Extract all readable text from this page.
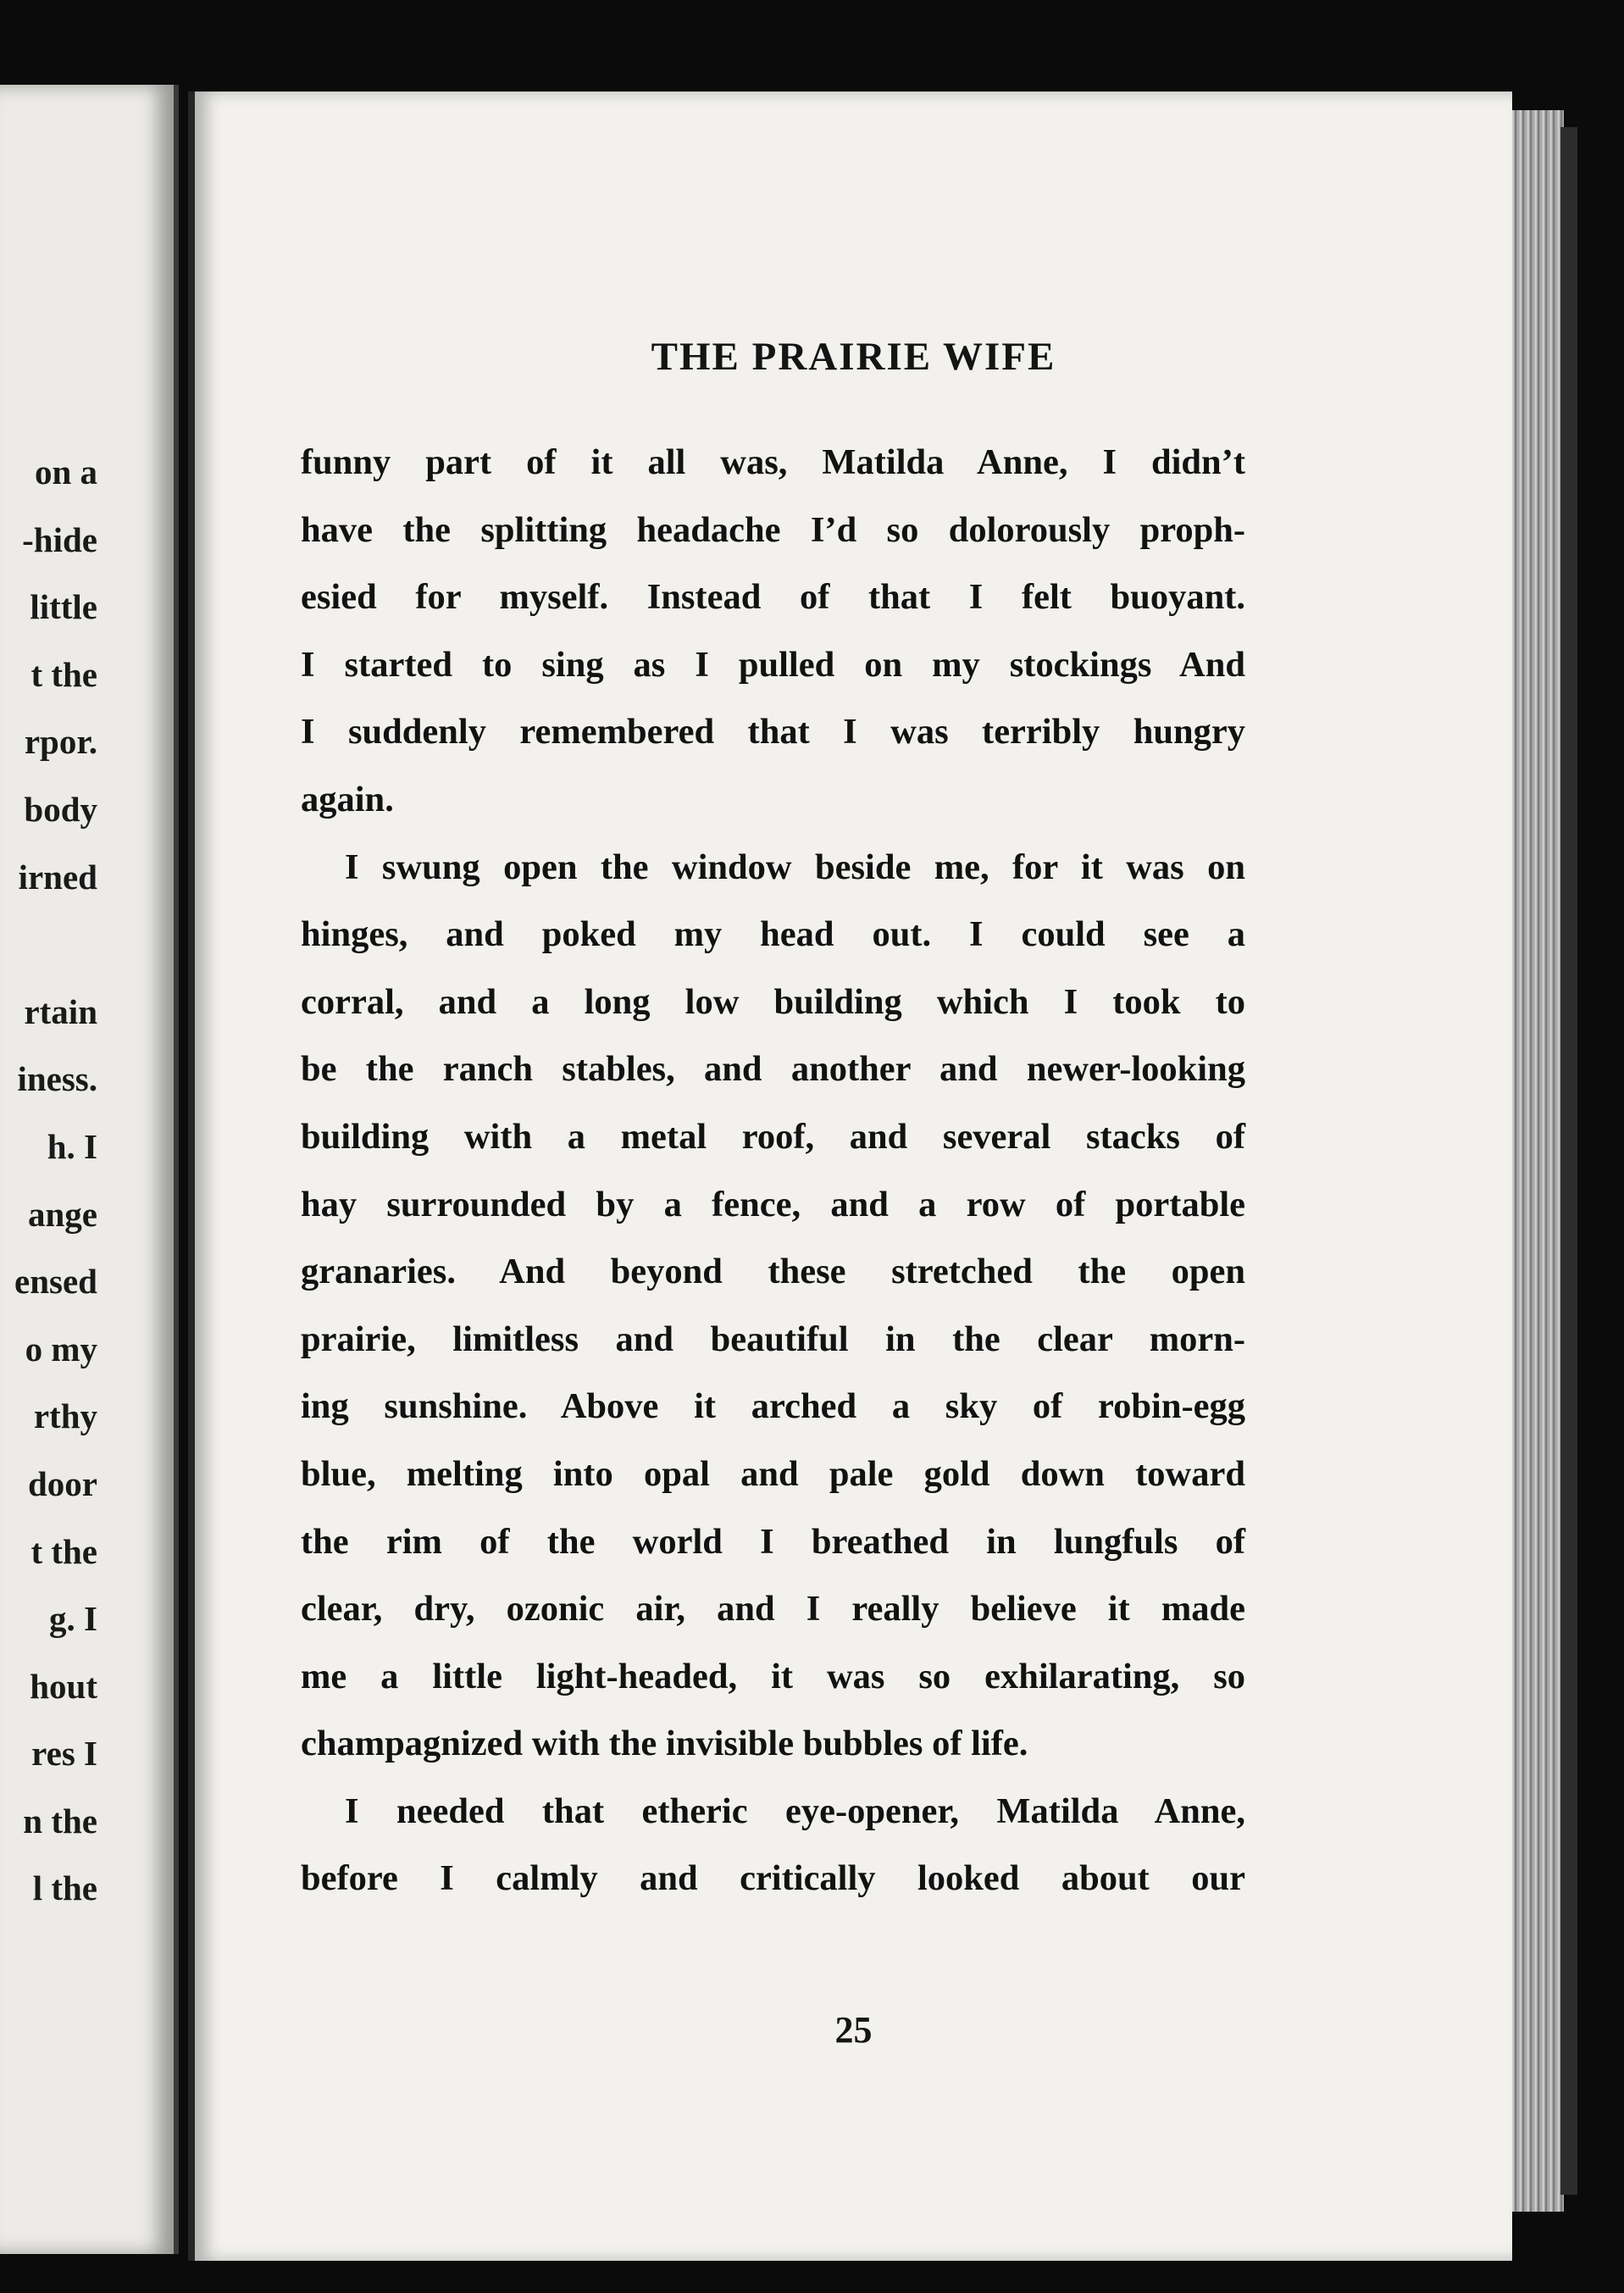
on a
-hide
little
t the
rpor.
body
irned
rtain
iness.
h. I
ange
ensed
o my
rthy
door
t the
g. I
hout
res I
n the
l the
THE PRAIRIE WIFE

funny part of it all was, Matilda Anne, I didn’t
have the splitting headache I’d so dolorously proph-
esied for myself. Instead of that I felt buoyant.
I started to sing as I pulled on my stockings And
I suddenly remembered that I was terribly hungry
again.

I swung open the window beside me, for it was on
hinges, and poked my head out. I could see a
corral, and a long low building which I took to
be the ranch stables, and another and newer-looking
building with a metal roof, and several stacks of
hay surrounded by a fence, and a row of portable
granaries. And beyond these stretched the open
prairie, limitless and beautiful in the clear morn-
ing sunshine. Above it arched a sky of robin-egg
blue, melting into opal and pale gold down toward
the rim of the world I breathed in lungfuls of
clear, dry, ozonic air, and I really believe it made
me a little light-headed, it was so exhilarating, so
champagnized with the invisible bubbles of life.

I needed that etheric eye-opener, Matilda Anne,
before I calmly and critically looked about our

25
